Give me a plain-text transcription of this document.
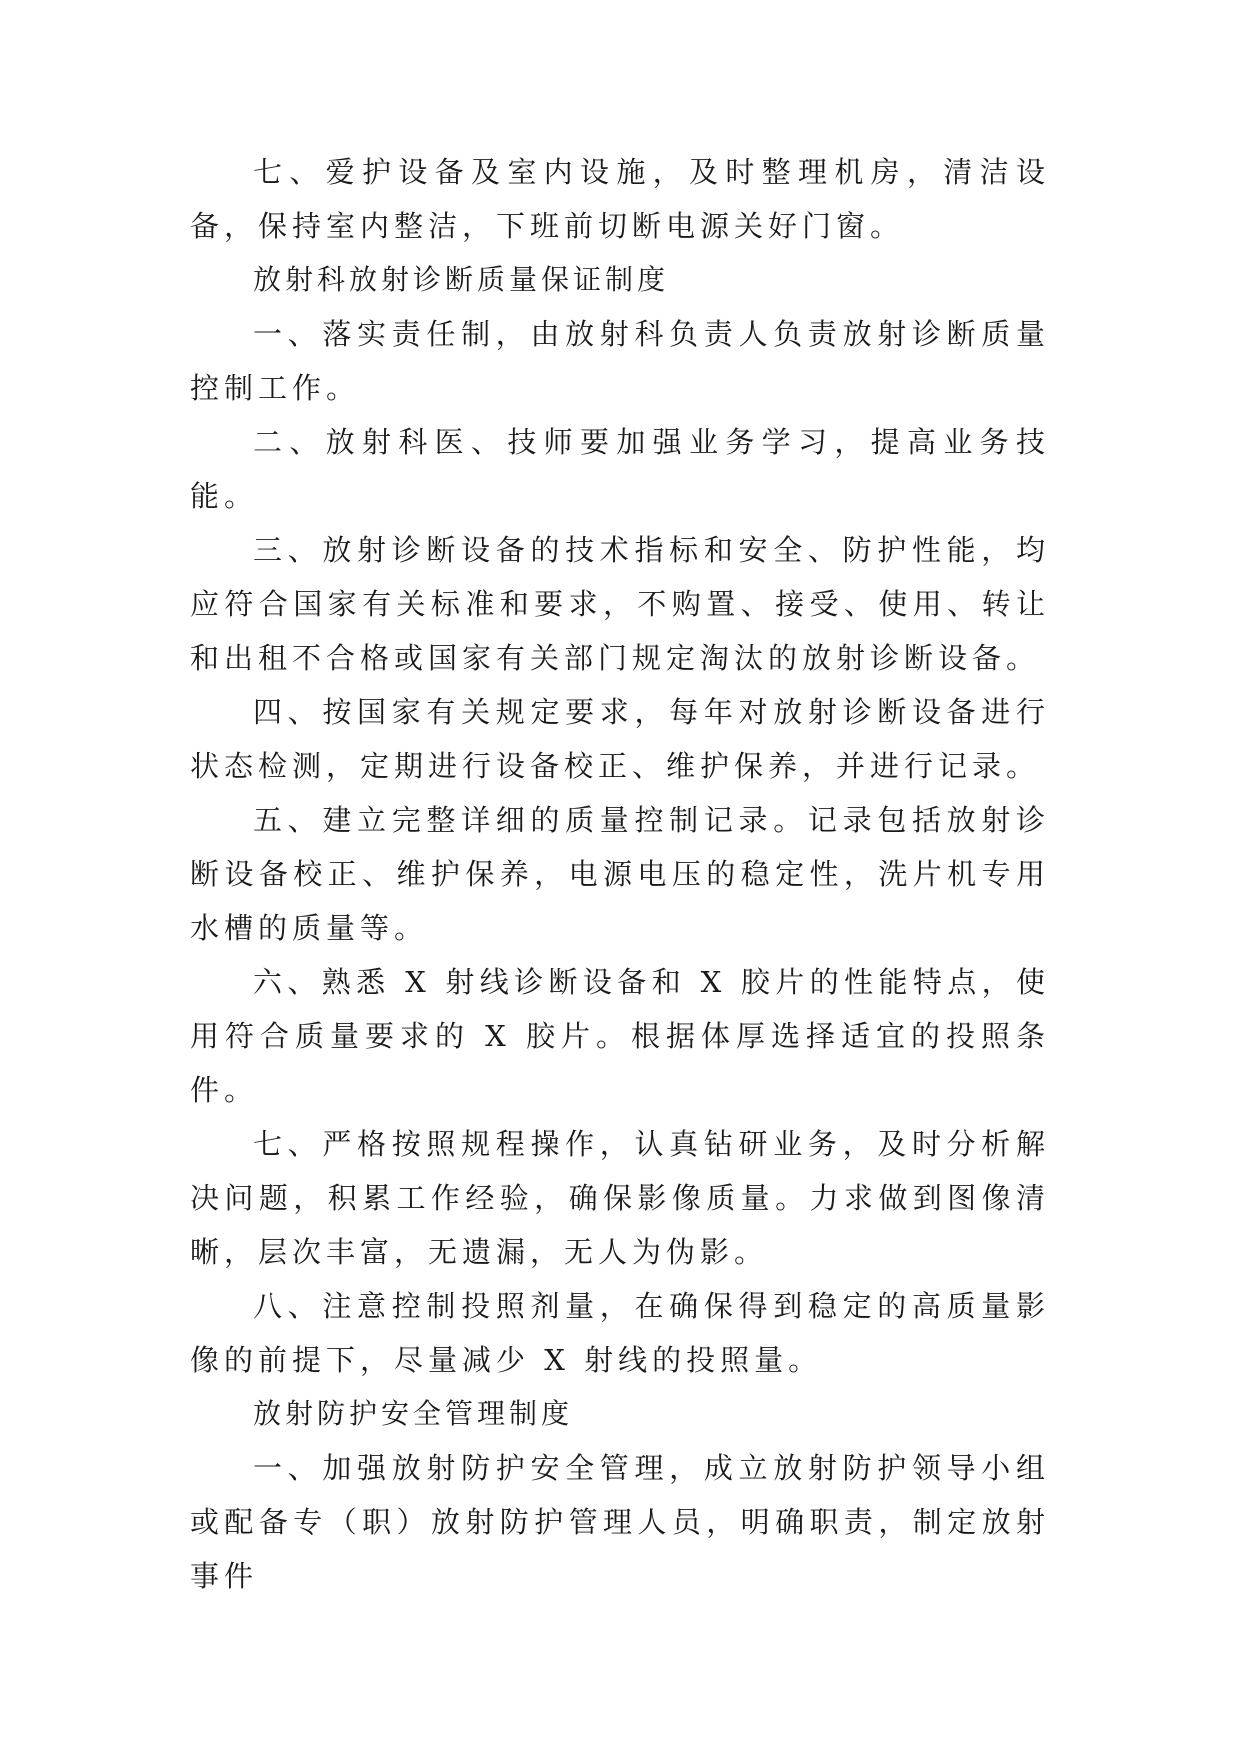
七、爱护设备及室内设施，及时整理机房，清洁设备，保持室内整洁，下班前切断电源关好门窗。

放射科放射诊断质量保证制度

一、落实责任制，由放射科负责人负责放射诊断质量控制工作。

二、放射科医、技师要加强业务学习，提高业务技能。

三、放射诊断设备的技术指标和安全、防护性能，均应符合国家有关标准和要求，不购置、接受、使用、转让和出租不合格或国家有关部门规定淘汰的放射诊断设备。

四、按国家有关规定要求，每年对放射诊断设备进行状态检测，定期进行设备校正、维护保养，并进行记录。

五、建立完整详细的质量控制记录。记录包括放射诊断设备校正、维护保养，电源电压的稳定性，洗片机专用水槽的质量等。

六、熟悉 X 射线诊断设备和 X 胶片的性能特点，使用符合质量要求的 X 胶片。根据体厚选择适宜的投照条件。

七、严格按照规程操作，认真钻研业务，及时分析解决问题，积累工作经验，确保影像质量。力求做到图像清晰，层次丰富，无遗漏，无人为伪影。

八、注意控制投照剂量，在确保得到稳定的高质量影像的前提下，尽量减少 X 射线的投照量。

放射防护安全管理制度

一、加强放射防护安全管理，成立放射防护领导小组或配备专（职）放射防护管理人员，明确职责，制定放射事件
